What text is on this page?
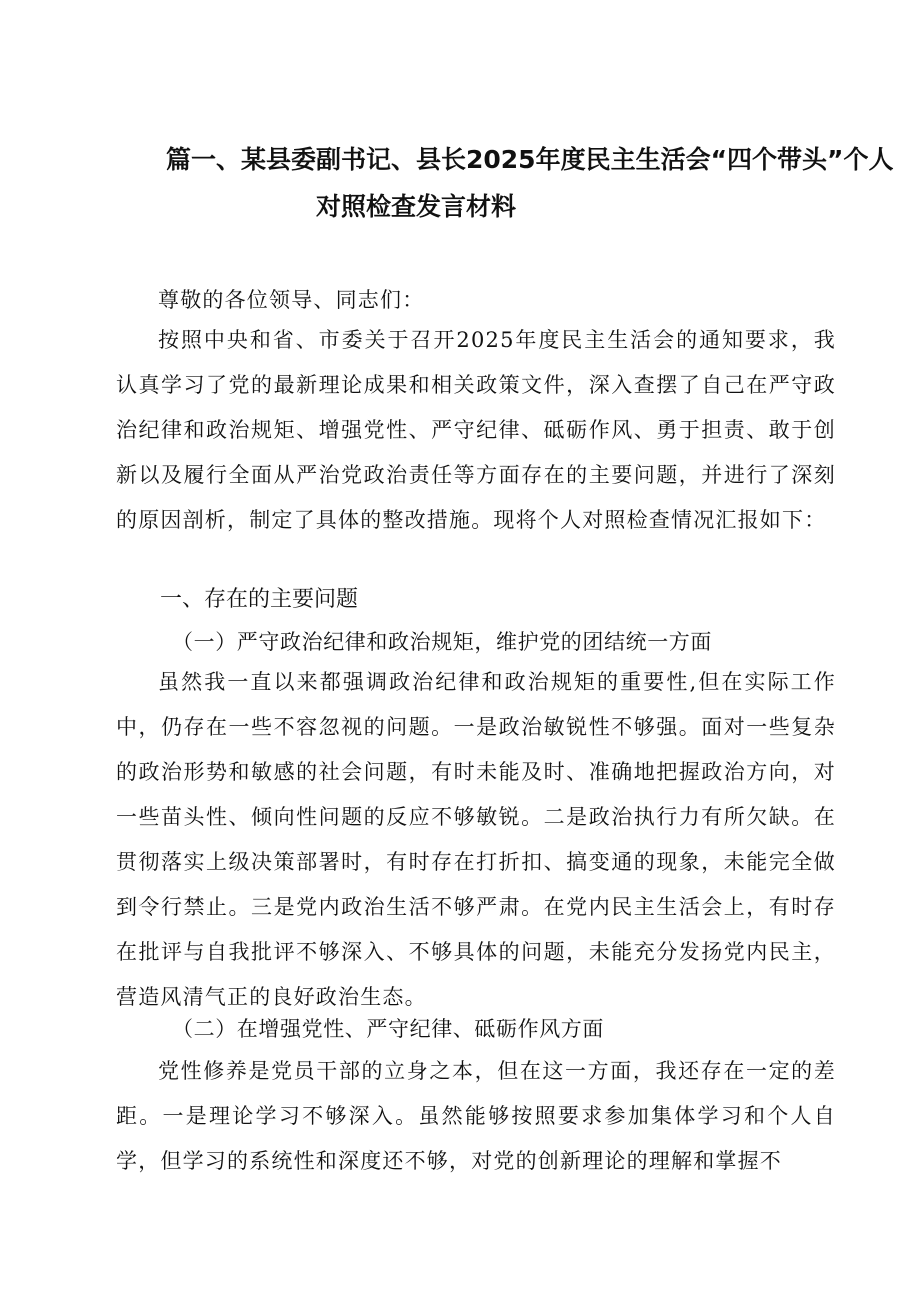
篇一、某县委副书记、县长2025年度民主生活会“四个带头”个人
对照检查发言材料

尊敬的各位领导、同志们：

按照中央和省、市委关于召开2025年度民主生活会的通知要求，我认真学习了党的最新理论成果和相关政策文件，深入查摆了自己在严守政治纪律和政治规矩、增强党性、严守纪律、砥砺作风、勇于担责、敢于创新以及履行全面从严治党政治责任等方面存在的主要问题，并进行了深刻的原因剖析，制定了具体的整改措施。现将个人对照检查情况汇报如下：

一、存在的主要问题
（一）严守政治纪律和政治规矩，维护党的团结统一方面

虽然我一直以来都强调政治纪律和政治规矩的重要性,但在实际工作中，仍存在一些不容忽视的问题。一是政治敏锐性不够强。面对一些复杂的政治形势和敏感的社会问题，有时未能及时、准确地把握政治方向，对一些苗头性、倾向性问题的反应不够敏锐。二是政治执行力有所欠缺。在贯彻落实上级决策部署时，有时存在打折扣、搞变通的现象，未能完全做到令行禁止。三是党内政治生活不够严肃。在党内民主生活会上，有时存在批评与自我批评不够深入、不够具体的问题，未能充分发扬党内民主，营造风清气正的良好政治生态。

（二）在增强党性、严守纪律、砥砺作风方面

党性修养是党员干部的立身之本，但在这一方面，我还存在一定的差距。一是理论学习不够深入。虽然能够按照要求参加集体学习和个人自学，但学习的系统性和深度还不够，对党的创新理论的理解和掌握不
